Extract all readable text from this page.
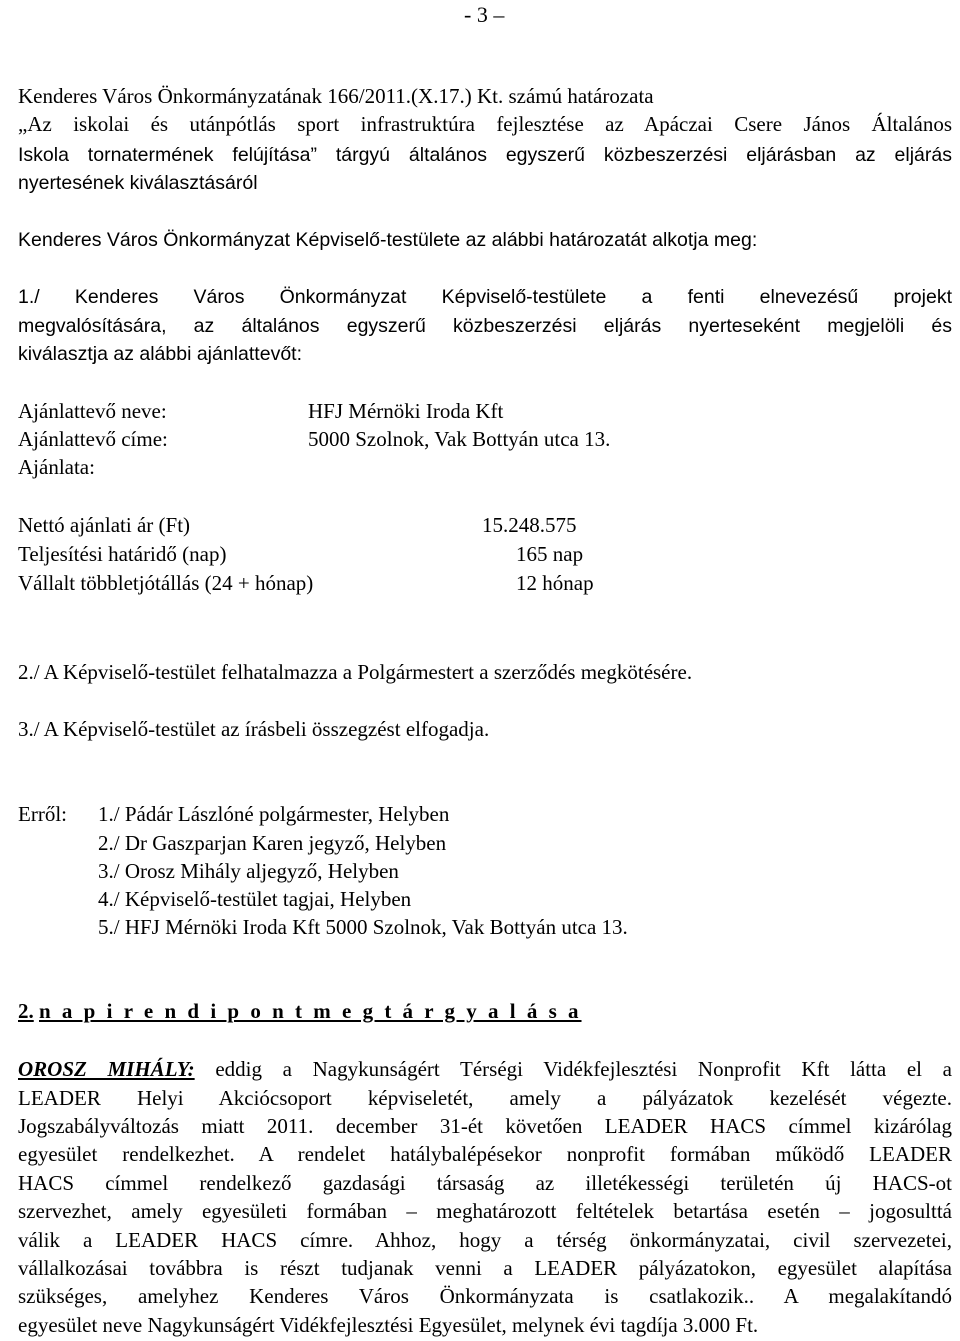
- 3 –
Kenderes Város Önkormányzatának 166/2011.(X.17.) Kt. számú határozata
„Az iskolai és utánpótlás sport infrastruktúra fejlesztése az Apáczai Csere János Általános
Iskola tornatermének felújítása” tárgyú általános egyszerű közbeszerzési eljárásban az eljárás
nyertesének kiválasztásáról
Kenderes Város Önkormányzat Képviselő-testülete az alábbi határozatát alkotja meg:
1./ Kenderes Város Önkormányzat Képviselő-testülete a fenti elnevezésű projekt
megvalósítására, az általános egyszerű közbeszerzési eljárás nyerteseként megjelöli és
kiválasztja az alábbi ajánlattevőt:
Ajánlattevő neve:	HFJ Mérnöki Iroda Kft
Ajánlattevő címe:	5000 Szolnok, Vak Bottyán utca 13.
Ajánlata:
Nettó ajánlati ár (Ft)	15.248.575
Teljesítési határidő (nap)	165 nap
Vállalt többletjótállás (24 + hónap)	12 hónap
2./ A Képviselő-testület felhatalmazza a Polgármestert a szerződés megkötésére.
3./ A Képviselő-testület az írásbeli összegzést elfogadja.
Erről: 1./ Pádár Lászlóné polgármester, Helyben
2./ Dr Gaszparjan Karen jegyző, Helyben
3./ Orosz Mihály aljegyző, Helyben
4./ Képviselő-testület tagjai, Helyben
5./ HFJ Mérnöki Iroda Kft 5000 Szolnok, Vak Bottyán utca 13.
2. n a p i r e n d i p o n t m e g t á r g y a l á s a
OROSZ MIHÁLY: eddig a Nagykunságért Térségi Vidékfejlesztési Nonprofit Kft látta el a
LEADER Helyi Akciócsoport képviseletét, amely a pályázatok kezelését végezte.
Jogszabályváltozás miatt 2011. december 31-ét követően LEADER HACS címmel kizárólag
egyesület rendelkezhet. A rendelet hatálybalépésekor nonprofit formában működő LEADER
HACS címmel rendelkező gazdasági társaság az illetékességi területén új HACS-ot
szervezhet, amely egyesületi formában – meghatározott feltételek betartása esetén – jogosulttá
válik a LEADER HACS címre. Ahhoz, hogy a térség önkormányzatai, civil szervezetei,
vállalkozásai továbbra is részt tudjanak venni a LEADER pályázatokon, egyesület alapítása
szükséges, amelyhez Kenderes Város Önkormányzata is csatlakozik.. A megalakítandó
egyesület neve Nagykunságért Vidékfejlesztési Egyesület, melynek évi tagdíja 3.000 Ft.
